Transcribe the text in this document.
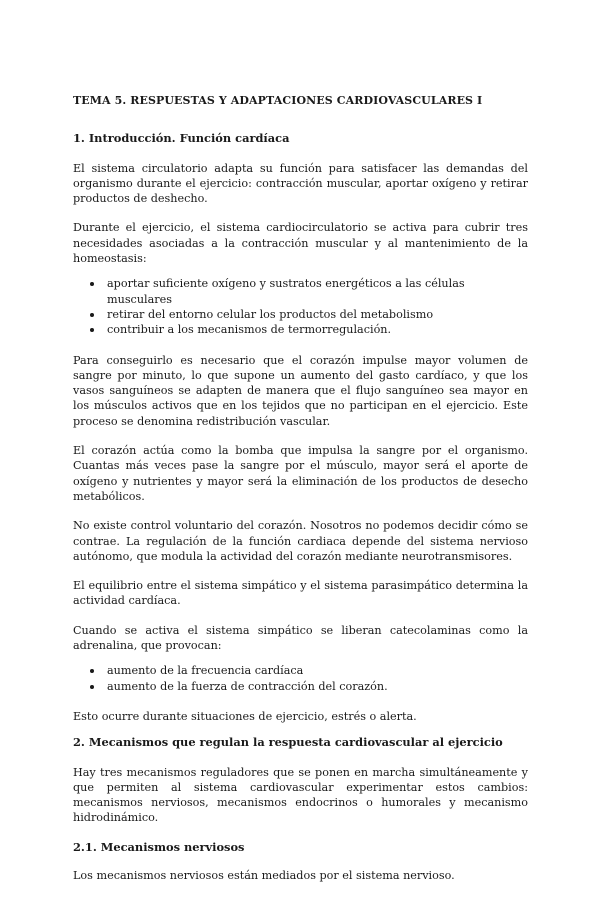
TEMA 5. RESPUESTAS Y ADAPTACIONES CARDIOVASCULARES I
1. Introducción. Función cardíaca

El sistema circulatorio adapta su función para satisfacer las demandas del organismo durante el ejercicio: contracción muscular, aportar oxígeno y retirar productos de deshecho.

Durante el ejercicio, el sistema cardiocirculatorio se activa para cubrir tres necesidades asociadas a la contracción muscular y al mantenimiento de la homeostasis:

aportar suficiente oxígeno y sustratos energéticos a las células musculares
retirar del entorno celular los productos del metabolismo
contribuir a los mecanismos de termorregulación.

Para conseguirlo es necesario que el corazón impulse mayor volumen de sangre por minuto, lo que supone un aumento del gasto cardíaco, y que los vasos sanguíneos se adapten de manera que el flujo sanguíneo sea mayor en los músculos activos que en los tejidos que no participan en el ejercicio. Este proceso se denomina redistribución vascular.

El corazón actúa como la bomba que impulsa la sangre por el organismo. Cuantas más veces pase la sangre por el músculo, mayor será el aporte de oxígeno y nutrientes y mayor será la eliminación de los productos de desecho metabólicos.

No existe control voluntario del corazón. Nosotros no podemos decidir cómo se contrae. La regulación de la función cardiaca depende del sistema nervioso autónomo, que modula la actividad del corazón mediante neurotransmisores.

El equilibrio entre el sistema simpático y el sistema parasimpático determina la actividad cardíaca.

Cuando se activa el sistema simpático se liberan catecolaminas como la adrenalina, que provocan:

aumento de la frecuencia cardíaca
aumento de la fuerza de contracción del corazón.

Esto ocurre durante situaciones de ejercicio, estrés o alerta.

2. Mecanismos que regulan la respuesta cardiovascular al ejercicio

Hay tres mecanismos reguladores que se ponen en marcha simultáneamente y que permiten al sistema cardiovascular experimentar estos cambios: mecanismos nerviosos, mecanismos endocrinos o humorales y mecanismo hidrodinámico.

2.1. Mecanismos nerviosos

Los mecanismos nerviosos están mediados por el sistema nervioso.
